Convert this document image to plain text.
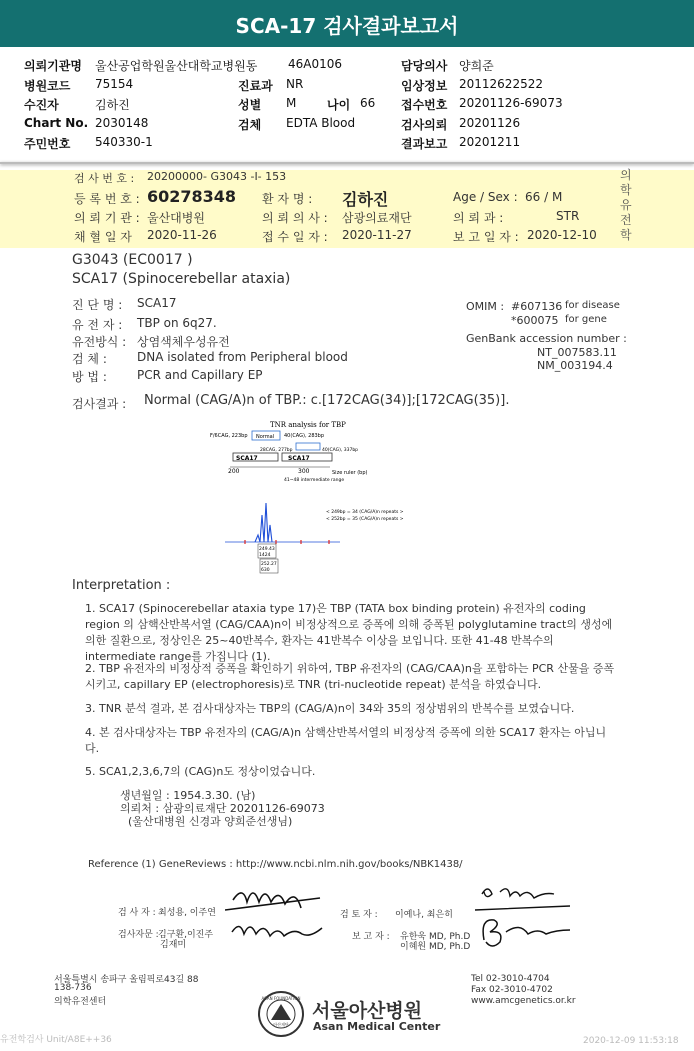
SCA-17 검사결과보고서
의뢰기관명 울산공업학원울산대학교병원동	46A0106	담당의사 양희준
병원코드 75154	진료과 NR	임상정보 20112622522
수진자	김하진	성별 M	나이 66 접수번호 20201126-69073
Chart No. 2030148	검체 EDTA Blood	검사의뢰 20201126
주민번호 540330-1	결과보고 20201211
검 사 번 호 : 20200000- G3043 -I- 153
등 록 번 호 : 60278348 환 자 명 : 김하진	Age / Sex : 66 / M
의 뢰 기 관 : 울산대병원	의 뢰 의 사 : 삼광의료재단	의 뢰 과 :	STR
채 혈 일 자 2020-11-26	접 수 일 자 : 2020-11-27	보 고 일 자 : 2020-12-10
의학유전학
G3043 (EC0017 )
SCA17 (Spinocerebellar ataxia)
진 단 명 : SCA17
유 전 자 : TBP on 6q27.
유전방식 : 상염색체우성유전
검 체 :	DNA isolated from Peripheral blood
방 법 :	PCR and Capillary EP
OMIM : #607136 for disease
*600075 for gene
GenBank accession number :
NT_007583.11
NM_003194.4
검사결과 : Normal (CAG/A)n of TBP.: c.[172CAG(34)];[172CAG(35)].
TNR analysis for TBP
F/6CAG, 223bp Normal 40(CAG), 283bp
28CAG, 277bp	40(CAG), 337bp
SCA17	SCA17
200	300	Size ruler (bp)
41~48 intermediate range
< 249bp = 34 (CAG/A)n repeats >
< 252bp = 35 (CAG/A)n repeats >
249.43
1424
252.27
630
Interpretation :
1. SCA17 (Spinocerebellar ataxia type 17)은 TBP (TATA box binding protein) 유전자의 coding region 의 삼핵산반복서열 (CAG/CAA)n이 비정상적으로 증폭에 의해 증폭된 polyglutamine tract의 생성에 의한 질환으로, 정상인은 25~40반복수, 환자는 41반복수 이상을 보입니다. 또한 41-48 반복수의 intermediate range를 가집니다 (1).
2. TBP 유전자의 비정상적 증폭을 확인하기 위하여, TBP 유전자의 (CAG/CAA)n을 포함하는 PCR 산물을 증폭시키고, capillary EP (electrophoresis)로 TNR (tri-nucleotide repeat) 분석을 하였습니다.
3. TNR 분석 결과, 본 검사대상자는 TBP의 (CAG/A)n이 34와 35의 정상범위의 반복수를 보였습니다.
4. 본 검사대상자는 TBP 유전자의 (CAG/A)n 삼핵산반복서열의 비정상적 증폭에 의한 SCA17 환자는 아닙니다.
5. SCA1,2,3,6,7의 (CAG)n도 정상이었습니다.
생년월일 : 1954.3.30. (남)
의뢰처 : 삼광의료재단 20201126-69073
(울산대병원 신경과 양희준선생님)
Reference (1) GeneReviews : http://www.ncbi.nlm.nih.gov/books/NBK1438/
검 사 자 : 최성용, 이주연	검 토 자 : 이예나, 최은히
검사자문 : 김구환,이진주
김재미
보 고 자 : 유한욱 MD, Ph.D
이혜원 MD, Ph.D
서울특별시 송파구 올림픽로43길 88
138-736
의학유전센터	ASAN FOUNDATION
아산재단
서울아산병원
Asan Medical Center
Tel 02-3010-4704
Fax 02-3010-4702
www.amcgenetics.or.kr
유전학검사 Unit/A8E++36	2020-12-09 11:53:18
